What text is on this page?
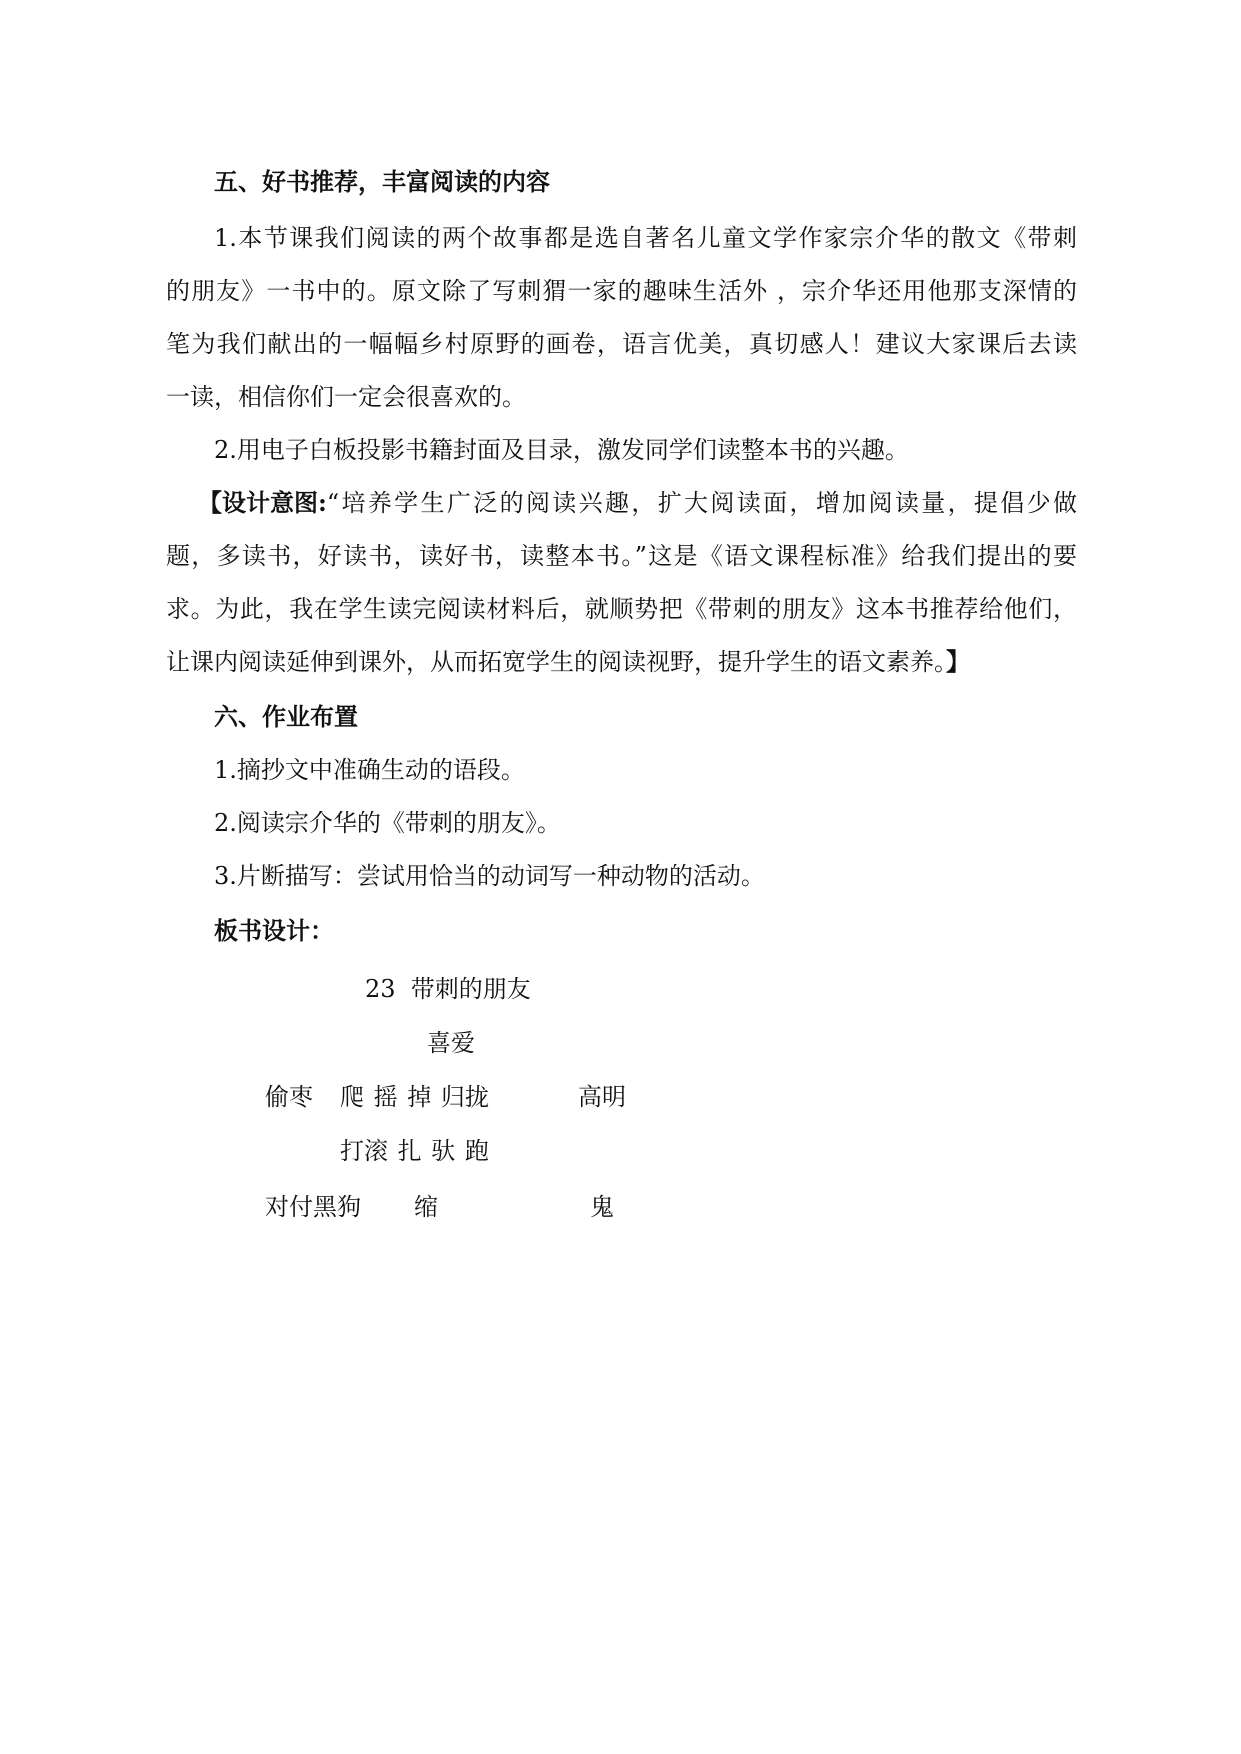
五、好书推荐，丰富阅读的内容
1.本节课我们阅读的两个故事都是选自著名儿童文学作家宗介华的散文《带刺
的朋友》一书中的。原文除了写刺猬一家的趣味生活外 ，宗介华还用他那支深情的
笔为我们献出的一幅幅乡村原野的画卷，语言优美，真切感人！建议大家课后去读
一读，相信你们一定会很喜欢的。
2.用电子白板投影书籍封面及目录，激发同学们读整本书的兴趣。
【设计意图: “培养学生广泛的阅读兴趣，扩大阅读面，增加阅读量，提倡少做
题，多读书，好读书，读好书，读整本书。”这是《语文课程标准》给我们提出的要
求。为此，我在学生读完阅读材料后，就顺势把《带刺的朋友》这本书推荐给他们，
让课内阅读延伸到课外，从而拓宽学生的阅读视野，提升学生的语文素养。】
六、作业布置
1.摘抄文中准确生动的语段。
2.阅读宗介华的《带刺的朋友》。
3.片断描写：尝试用恰当的动词写一种动物的活动。
板书设计：
23  带刺的朋友
喜爱
偷枣 爬 摇 掉 归拢	高明
打滚 扎 驮 跑
对付黑狗 缩	鬼
